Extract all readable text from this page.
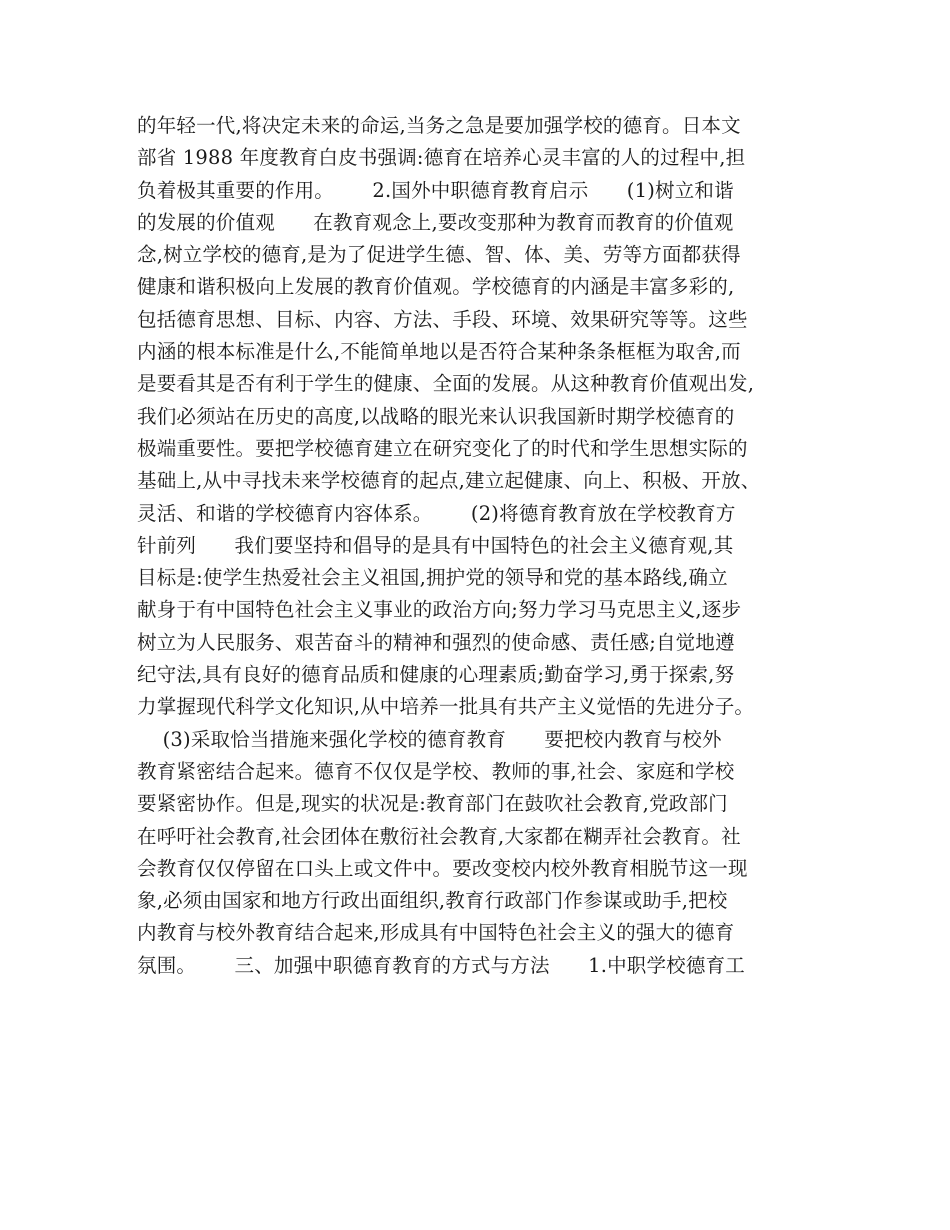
的年轻一代,将决定未来的命运,当务之急是要加强学校的德育。日本文
部省 1988 年度教育白皮书强调:德育在培养心灵丰富的人的过程中,担
负着极其重要的作用。      2.国外中职德育教育启示      (1)树立和谐
的发展的价值观      在教育观念上,要改变那种为教育而教育的价值观
念,树立学校的德育,是为了促进学生德、智、体、美、劳等方面都获得
健康和谐积极向上发展的教育价值观。学校德育的内涵是丰富多彩的,
包括德育思想、目标、内容、方法、手段、环境、效果研究等等。这些
内涵的根本标准是什么,不能简单地以是否符合某种条条框框为取舍,而
是要看其是否有利于学生的健康、全面的发展。从这种教育价值观出发,
我们必须站在历史的高度,以战略的眼光来认识我国新时期学校德育的
极端重要性。要把学校德育建立在研究变化了的时代和学生思想实际的
基础上,从中寻找未来学校德育的起点,建立起健康、向上、积极、开放、
灵活、和谐的学校德育内容体系。      (2)将德育教育放在学校教育方
针前列      我们要坚持和倡导的是具有中国特色的社会主义德育观,其
目标是:使学生热爱社会主义祖国,拥护党的领导和党的基本路线,确立
献身于有中国特色社会主义事业的政治方向;努力学习马克思主义,逐步
树立为人民服务、艰苦奋斗的精神和强烈的使命感、责任感;自觉地遵
纪守法,具有良好的德育品质和健康的心理素质;勤奋学习,勇于探索,努
力掌握现代科学文化知识,从中培养一批具有共产主义觉悟的先进分子。
(3)采取恰当措施来强化学校的德育教育      要把校内教育与校外
教育紧密结合起来。德育不仅仅是学校、教师的事,社会、家庭和学校
要紧密协作。但是,现实的状况是:教育部门在鼓吹社会教育,党政部门
在呼吁社会教育,社会团体在敷衍社会教育,大家都在糊弄社会教育。社
会教育仅仅停留在口头上或文件中。要改变校内校外教育相脱节这一现
象,必须由国家和地方行政出面组织,教育行政部门作参谋或助手,把校
内教育与校外教育结合起来,形成具有中国特色社会主义的强大的德育
氛围。      三、加强中职德育教育的方式与方法      1.中职学校德育工
